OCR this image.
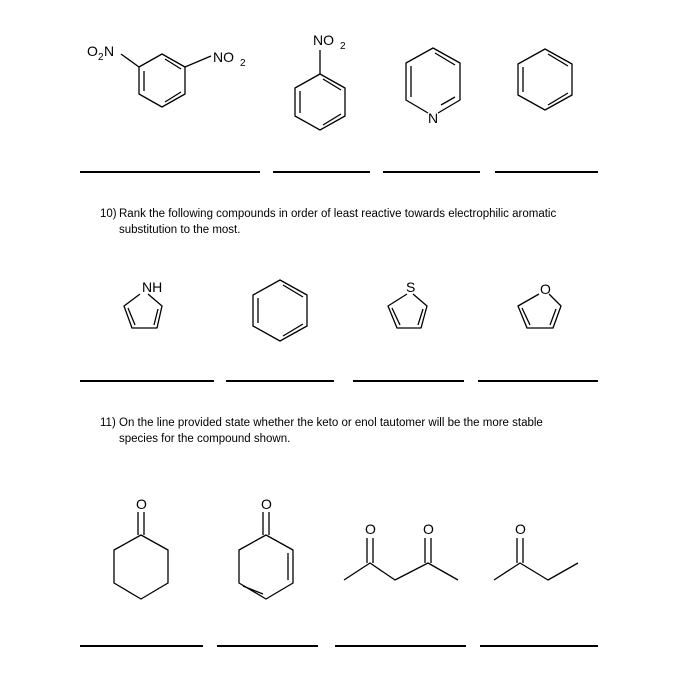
O 2 N	NO 2
NO 2
N
10) Rank the following compounds in order of least reactive towards electrophilic aromatic
substitution to the most.
NH	S	O
11) On the line provided state whether the keto or enol tautomer will be the more stable
species for the compound shown.
O	O
O	O	O
